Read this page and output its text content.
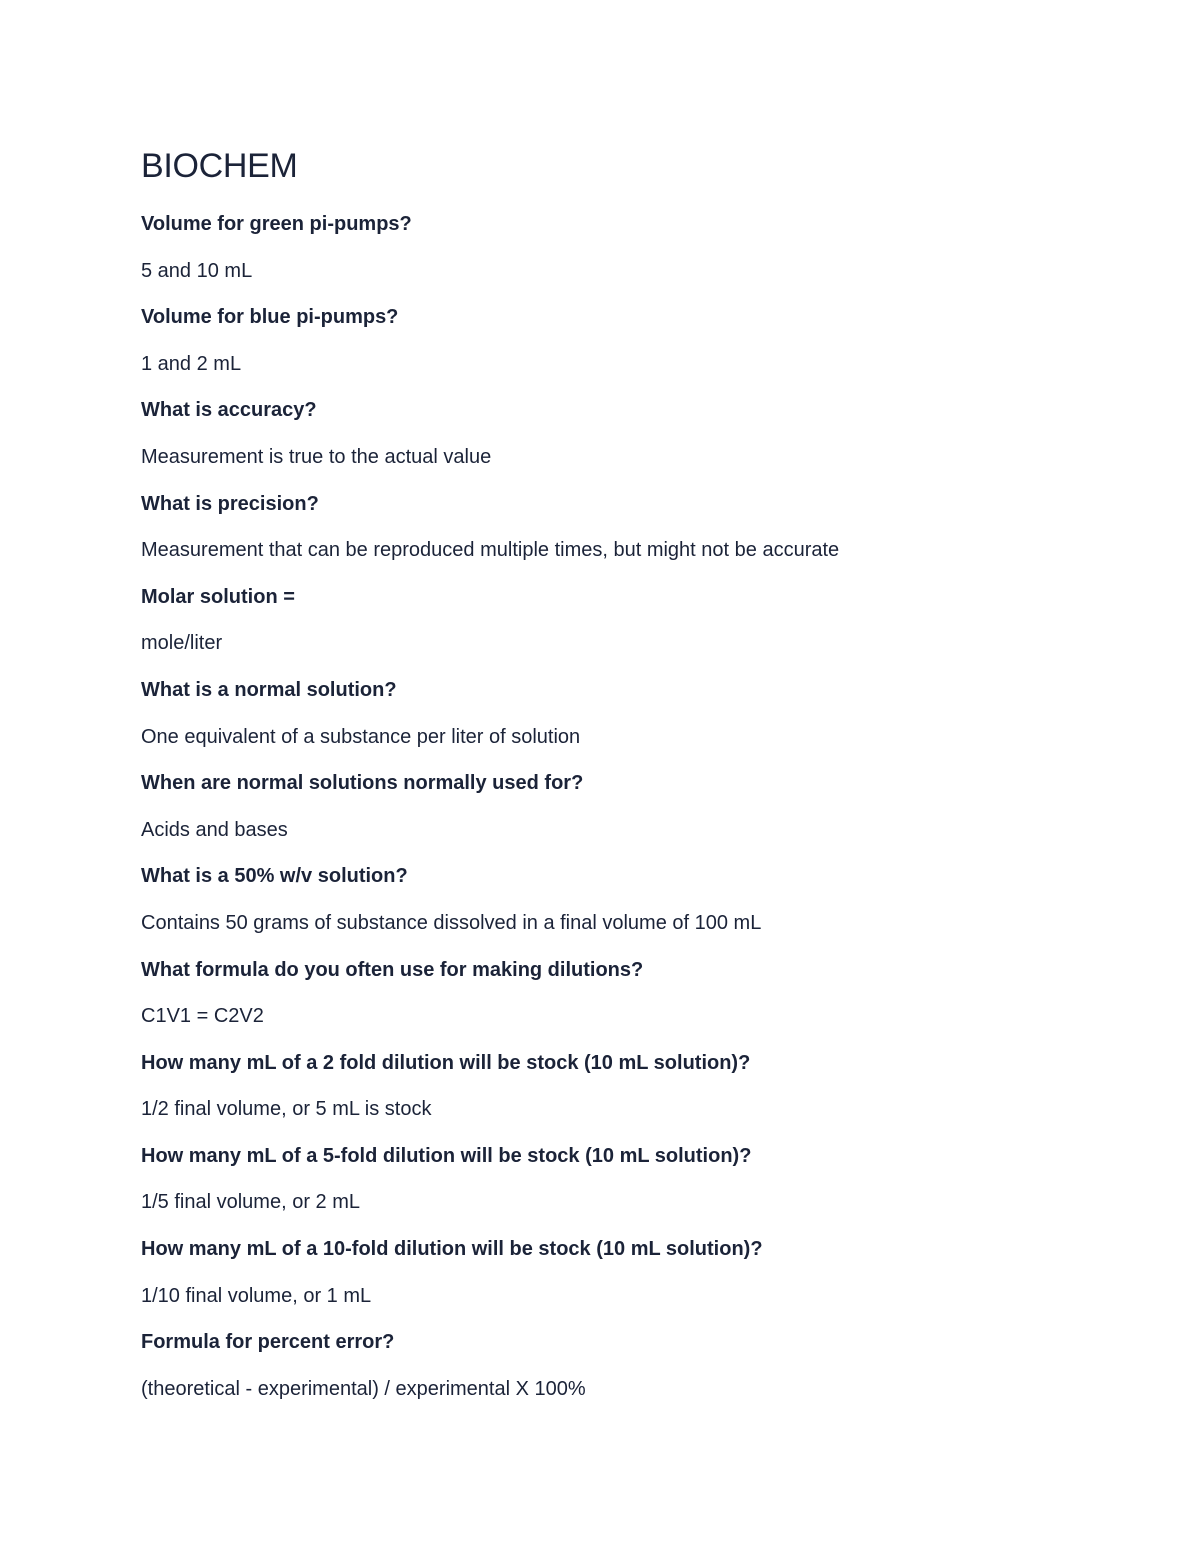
BIOCHEM

Volume for green pi-pumps?

5 and 10 mL

Volume for blue pi-pumps?

1 and 2 mL

What is accuracy?

Measurement is true to the actual value

What is precision?

Measurement that can be reproduced multiple times, but might not be accurate

Molar solution =

mole/liter

What is a normal solution?

One equivalent of a substance per liter of solution

When are normal solutions normally used for?

Acids and bases

What is a 50% w/v solution?

Contains 50 grams of substance dissolved in a final volume of 100 mL

What formula do you often use for making dilutions?

C1V1 = C2V2

How many mL of a 2 fold dilution will be stock (10 mL solution)?

1/2 final volume, or 5 mL is stock

How many mL of a 5-fold dilution will be stock (10 mL solution)?

1/5 final volume, or 2 mL

How many mL of a 10-fold dilution will be stock (10 mL solution)?

1/10 final volume, or 1 mL

Formula for percent error?

(theoretical - experimental) / experimental X 100%
